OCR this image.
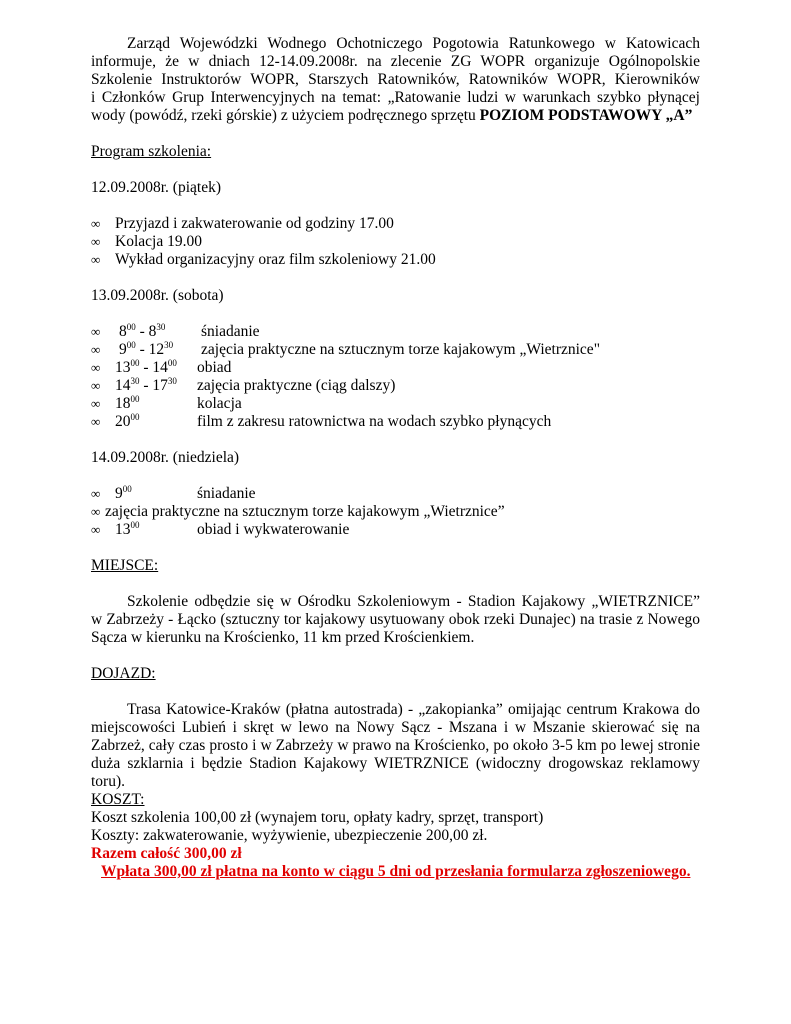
Zarząd Wojewódzki Wodnego Ochotniczego Pogotowia Ratunkowego w Katowicach
informuje, że w dniach 12-14.09.2008r. na zlecenie ZG WOPR organizuje Ogólnopolskie
Szkolenie Instruktorów WOPR, Starszych Ratowników, Ratowników WOPR, Kierowników
i Członków Grup Interwencyjnych na temat: „Ratowanie ludzi w warunkach szybko płynącej
wody (powódź, rzeki górskie) z użyciem podręcznego sprzętu POZIOM PODSTAWOWY „A”

Program szkolenia:

12.09.2008r. (piątek)

∞ Przyjazd i zakwaterowanie od godziny 17.00
∞ Kolacja 19.00
∞ Wykład organizacyjny oraz film szkoleniowy 21.00

13.09.2008r. (sobota)

∞ $8^{00} - 8^{30}$ śniadanie
∞ $9^{00} - 12^{30}$ zajęcia praktyczne na sztucznym torze kajakowym „Wietrznice"
∞ $13^{00} - 14^{00}$ obiad
∞ $14^{30} - 17^{30}$ zajęcia praktyczne (ciąg dalszy)
∞ $18^{00}$	kolacja
∞ $20^{00}$	film z zakresu ratownictwa na wodach szybko płynących

14.09.2008r. (niedziela)

∞ $9^{00}$	śniadanie
∞ zajęcia praktyczne na sztucznym torze kajakowym „Wietrznice”
∞ $13^{00}$	obiad i wykwaterowanie

MIEJSCE:

Szkolenie odbędzie się w Ośrodku Szkoleniowym - Stadion Kajakowy „WIETRZNICE”
w Zabrzeży - Łącko (sztuczny tor kajakowy usytuowany obok rzeki Dunajec) na trasie z Nowego
Sącza w kierunku na Krościenko, 11 km przed Krościenkiem.

DOJAZD:

Trasa Katowice-Kraków (płatna autostrada) - „zakopianka” omijając centrum Krakowa do
miejscowości Lubień i skręt w lewo na Nowy Sącz - Mszana i w Mszanie skierować się na
Zabrzeż, cały czas prosto i w Zabrzeży w prawo na Krościenko, po około 3-5 km po lewej stronie
duża szklarnia i będzie Stadion Kajakowy WIETRZNICE (widoczny drogowskaz reklamowy
toru).

KOSZT:

Koszt szkolenia 100,00 zł (wynajem toru, opłaty kadry, sprzęt, transport)

Koszty: zakwaterowanie, wyżywienie, ubezpieczenie 200,00 zł.

Razem całość 300,00 zł

Wpłata 300,00 zł płatna na konto w ciągu 5 dni od przesłania formularza zgłoszeniowego.
